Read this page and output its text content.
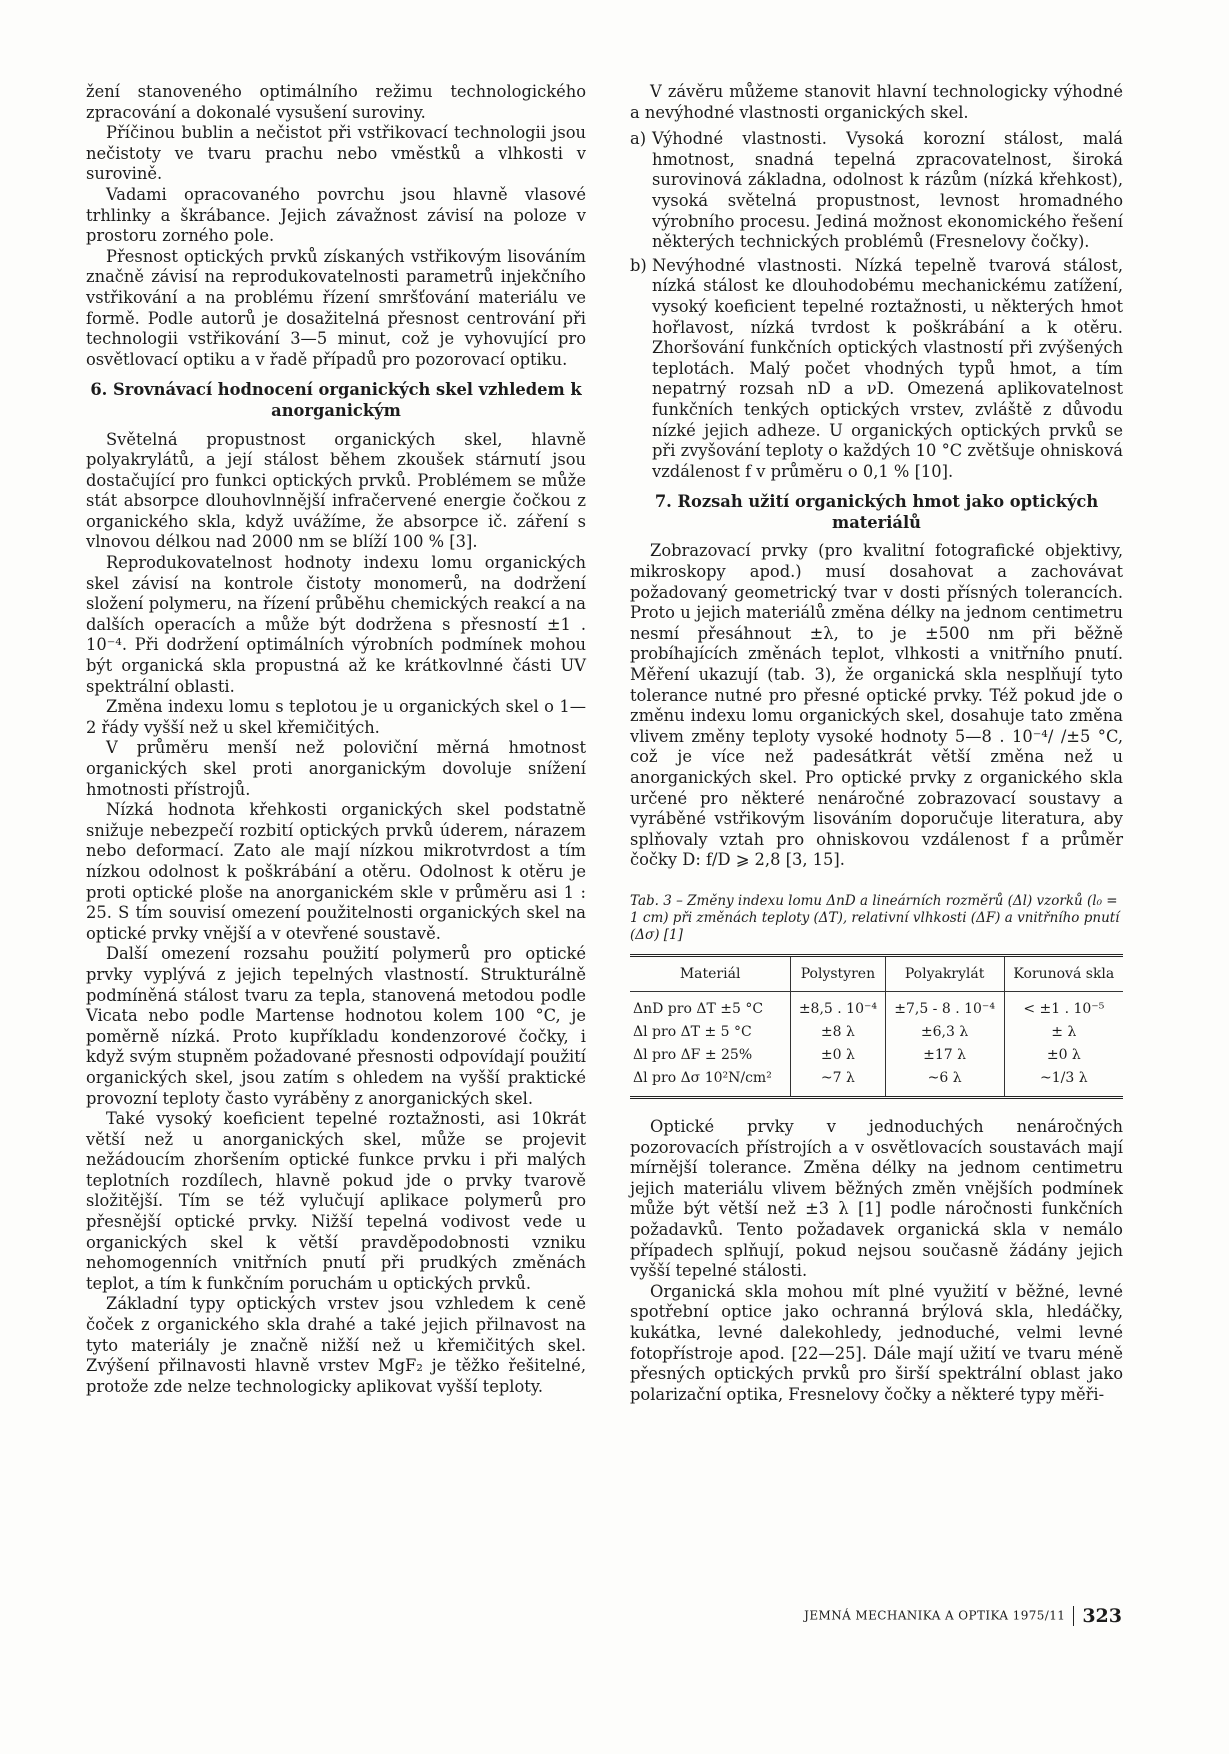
žení stanoveného optimálního režimu technologického zpracování a dokonalé vysušení suroviny.

Příčinou bublin a nečistot při vstřikovací technologii jsou nečistoty ve tvaru prachu nebo vměstků a vlhkosti v surovině.

Vadami opracovaného povrchu jsou hlavně vlasové trhlinky a škrábance. Jejich závažnost závisí na poloze v prostoru zorného pole.

Přesnost optických prvků získaných vstřikovým lisováním značně závisí na reprodukovatelnosti parametrů injekčního vstřikování a na problému řízení smršťování materiálu ve formě. Podle autorů je dosažitelná přesnost centrování při technologii vstřikování 3—5 minut, což je vyhovující pro osvětlovací optiku a v řadě případů pro pozorovací optiku.

6. Srovnávací hodnocení organických skel vzhledem k anorganickým

Světelná propustnost organických skel, hlavně polyakrylátů, a její stálost během zkoušek stárnutí jsou dostačující pro funkci optických prvků. Problémem se může stát absorpce dlouhovlnnější infračervené energie čočkou z organického skla, když uvážíme, že absorpce ič. záření s vlnovou délkou nad 2000 nm se blíží 100 % [3].

Reprodukovatelnost hodnoty indexu lomu organických skel závisí na kontrole čistoty monomerů, na dodržení složení polymeru, na řízení průběhu chemických reakcí a na dalších operacích a může být dodržena s přesností ±1 . 10⁻⁴. Při dodržení optimálních výrobních podmínek mohou být organická skla propustná až ke krátkovlnné části UV spektrální oblasti.

Změna indexu lomu s teplotou je u organických skel o 1—2 řády vyšší než u skel křemičitých.

V průměru menší než poloviční měrná hmotnost organických skel proti anorganickým dovoluje snížení hmotnosti přístrojů.

Nízká hodnota křehkosti organických skel podstatně snižuje nebezpečí rozbití optických prvků úderem, nárazem nebo deformací. Zato ale mají nízkou mikrotvrdost a tím nízkou odolnost k poškrábání a otěru. Odolnost k otěru je proti optické ploše na anorganickém skle v průměru asi 1 : 25. S tím souvisí omezení použitelnosti organických skel na optické prvky vnější a v otevřené soustavě.

Další omezení rozsahu použití polymerů pro optické prvky vyplývá z jejich tepelných vlastností. Strukturálně podmíněná stálost tvaru za tepla, stanovená metodou podle Vicata nebo podle Martense hodnotou kolem 100 °C, je poměrně nízká. Proto kupříkladu kondenzorové čočky, i když svým stupněm požadované přesnosti odpovídají použití organických skel, jsou zatím s ohledem na vyšší praktické provozní teploty často vyráběny z anorganických skel.

Také vysoký koeficient tepelné roztažnosti, asi 10krát větší než u anorganických skel, může se projevit nežádoucím zhoršením optické funkce prvku i při malých teplotních rozdílech, hlavně pokud jde o prvky tvarově složitější. Tím se též vylučují aplikace polymerů pro přesnější optické prvky. Nižší tepelná vodivost vede u organických skel k větší pravděpodobnosti vzniku nehomogenních vnitřních pnutí při prudkých změnách teplot, a tím k funkčním poruchám u optických prvků.

Základní typy optických vrstev jsou vzhledem k ceně čoček z organického skla drahé a také jejich přilnavost na tyto materiály je značně nižší než u křemičitých skel. Zvýšení přilnavosti hlavně vrstev MgF₂ je těžko řešitelné, protože zde nelze technologicky aplikovat vyšší teploty.

V závěru můžeme stanovit hlavní technologicky výhodné a nevýhodné vlastnosti organických skel.

a) Výhodné vlastnosti. Vysoká korozní stálost, malá hmotnost, snadná tepelná zpracovatelnost, široká surovinová základna, odolnost k rázům (nízká křehkost), vysoká světelná propustnost, levnost hromadného výrobního procesu. Jediná možnost ekonomického řešení některých technických problémů (Fresnelovy čočky).
b) Nevýhodné vlastnosti. Nízká tepelně tvarová stálost, nízká stálost ke dlouhodobému mechanickému zatížení, vysoký koeficient tepelné roztažnosti, u některých hmot hořlavost, nízká tvrdost k poškrábání a k otěru. Zhoršování funkčních optických vlastností při zvýšených teplotách. Malý počet vhodných typů hmot, a tím nepatrný rozsah nD a νD. Omezená aplikovatelnost funkčních tenkých optických vrstev, zvláště z důvodu nízké jejich adheze. U organických optických prvků se při zvyšování teploty o každých 10 °C zvětšuje ohnisková vzdálenost f v průměru o 0,1 % [10].
7. Rozsah užití organických hmot jako optických materiálů

Zobrazovací prvky (pro kvalitní fotografické objektivy, mikroskopy apod.) musí dosahovat a zachovávat požadovaný geometrický tvar v dosti přísných tolerancích. Proto u jejich materiálů změna délky na jednom centimetru nesmí přesáhnout ±λ, to je ±500 nm při běžně probíhajících změnách teplot, vlhkosti a vnitřního pnutí. Měření ukazují (tab. 3), že organická skla nesplňují tyto tolerance nutné pro přesné optické prvky. Též pokud jde o změnu indexu lomu organických skel, dosahuje tato změna vlivem změny teploty vysoké hodnoty 5—8 . 10⁻⁴/ /±5 °C, což je více než padesátkrát větší změna než u anorganických skel. Pro optické prvky z organického skla určené pro některé nenáročné zobrazovací soustavy a vyráběné vstřikovým lisováním doporučuje literatura, aby splňovaly vztah pro ohniskovou vzdálenost f a průměr čočky D: f/D ⩾ 2,8 [3, 15].

Tab. 3 – Změny indexu lomu ΔnD a lineárních rozměrů (Δl) vzorků (l₀ = 1 cm) při změnách teploty (ΔT), relativní vlhkosti (ΔF) a vnitřního pnutí (Δσ) [1]
Materiál	Polystyren	Polyakrylát	Korunová skla
ΔnD pro ΔT ±5 °C	±8,5 . 10⁻⁴	±7,5 - 8 . 10⁻⁴	< ±1 . 10⁻⁵
Δl pro ΔT ± 5 °C	±8 λ	±6,3 λ	± λ
Δl pro ΔF ± 25%	±0 λ	±17 λ	±0 λ
Δl pro Δσ 10²N/cm²	~7 λ	~6 λ	~1/3 λ

Optické prvky v jednoduchých nenáročných pozorovacích přístrojích a v osvětlovacích soustavách mají mírnější tolerance. Změna délky na jednom centimetru jejich materiálu vlivem běžných změn vnějších podmínek může být větší než ±3 λ [1] podle náročnosti funkčních požadavků. Tento požadavek organická skla v nemálo případech splňují, pokud nejsou současně žádány jejich vyšší tepelné stálosti.

Organická skla mohou mít plné využití v běžné, levné spotřební optice jako ochranná brýlová skla, hledáčky, kukátka, levné dalekohledy, jednoduché, velmi levné fotopřístroje apod. [22—25]. Dále mají užití ve tvaru méně přesných optických prvků pro širší spektrální oblast jako polarizační optika, Fresnelovy čočky a některé typy měři-

JEMNÁ MECHANIKA A OPTIKA 1975/11 323
